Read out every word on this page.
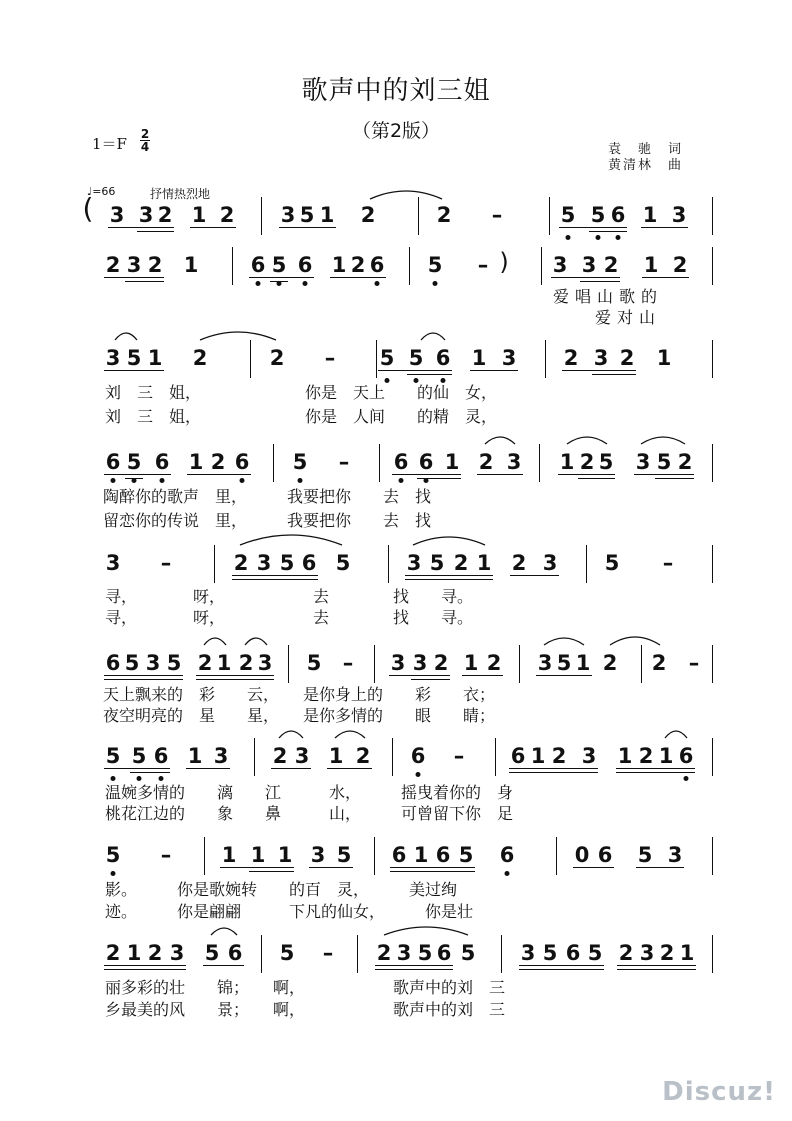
歌声中的刘三姐
（第2版）
1＝F
2
4	袁　驰　词
黄清林　曲
♩=66	抒情热烈地
( 3 3 2 1 2 3 5 1 2	2 –	5 5 6 1 3
2 3 2 1 6 5 6 1 2 6 5 – ) 3 3 2 1 2
爱唱山歌的
爱对山
3 5 1 2	2 – 5 5 6 1 3 2 3 2 1
刘　三　姐，　　　　　　　你是　天上　　的仙　女，
刘　三　姐，　　　　　　　你是　人间　　的精　灵，
6 5 6 1 2 6 5 – 6 6 1 2 3 1 2 5 3 5 2
陶醉你的歌声　里，　　　我要把你　　去　找
留恋你的传说　里，　　　我要把你　　去　找
3 –	2 3 5 6 5	3 5 2 1 2 3 5 –
寻，　　　　呀，　　　　　　去　　　　找　　寻。
寻，　　　　呀，　　　　　　去　　　　找　　寻。
6 5 3 5 2 1 2 3 5 – 3 3 2 1 2 3 5 1 2 2 –
天上飘来的　彩　　云，　　是你身上的　　彩　　衣；
夜空明亮的　星　　星，　　是你多情的　　眼　　睛；
5 5 6 1 3 2 3 1 2 6 – 6 1 2 3 1 2 1 6
温婉多情的　　漓　　江　　　水，　　　摇曳着你的　身
桃花江边的　　象　　鼻　　　山，　　　可曾留下你　足
5 – 1 1 1 3 5 6 1 6 5 6	0 6 5 3
影。　　　你是歌婉转　　的百　灵，　　　美过绚
迹。　　　你是翩翩　　　下凡的仙女，　　　你是壮
2 1 2 3 5 6 5 – 2 3 5 6 5 3 5 6 5 2 3 2 1
丽多彩的壮　　锦；　　啊，　　　　　　歌声中的刘　三
乡最美的风　　景；　　啊，　　　　　　歌声中的刘　三
Discuz!
